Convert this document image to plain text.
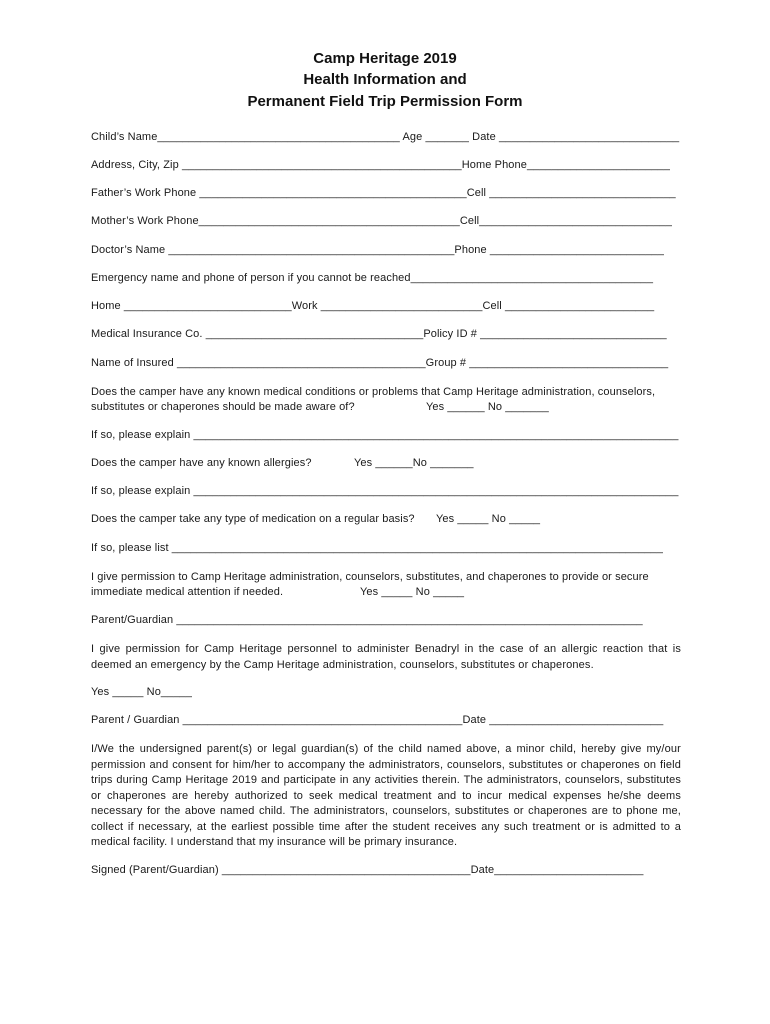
Camp Heritage 2019
Health Information and
Permanent Field Trip Permission Form
Child’s Name_______________________________________ Age _______ Date _____________________________
Address, City, Zip _____________________________________________Home Phone_______________________
Father’s Work Phone ___________________________________________Cell ______________________________
Mother’s Work Phone__________________________________________Cell_______________________________
Doctor’s Name ______________________________________________Phone ____________________________
Emergency name and phone of person if you cannot be reached_______________________________________
Home ___________________________Work __________________________Cell ________________________
Medical Insurance Co. ___________________________________Policy ID # ______________________________
Name of Insured ________________________________________Group # ________________________________
Does the camper have any known medical conditions or problems that Camp Heritage administration, counselors,
substitutes or chaperones should be made aware of?	Yes ______ No _______
If so, please explain ______________________________________________________________________________
Does the camper have any known allergies?	Yes ______No _______
If so, please explain ______________________________________________________________________________
Does the camper take any type of medication on a regular basis? Yes _____ No _____
If so, please list _______________________________________________________________________________
I give permission to Camp Heritage administration, counselors, substitutes, and chaperones to provide or secure
immediate medical attention if needed.	Yes _____ No _____
Parent/Guardian ___________________________________________________________________________
I give permission for Camp Heritage personnel to administer Benadryl in the case of an allergic reaction that is deemed an emergency by the Camp Heritage administration, counselors, substitutes or chaperones.
Yes _____ No_____
Parent / Guardian _____________________________________________Date ____________________________
I/We the undersigned parent(s) or legal guardian(s) of the child named above, a minor child, hereby give my/our permission and consent for him/her to accompany the administrators, counselors, substitutes or chaperones on field trips during Camp Heritage 2019 and participate in any activities therein. The administrators, counselors, substitutes or chaperones are hereby authorized to seek medical treatment and to incur medical expenses he/she deems necessary for the above named child. The administrators, counselors, substitutes or chaperones are to phone me, collect if necessary, at the earliest possible time after the student receives any such treatment or is admitted to a medical facility. I understand that my insurance will be primary insurance.
Signed (Parent/Guardian) ________________________________________Date________________________
